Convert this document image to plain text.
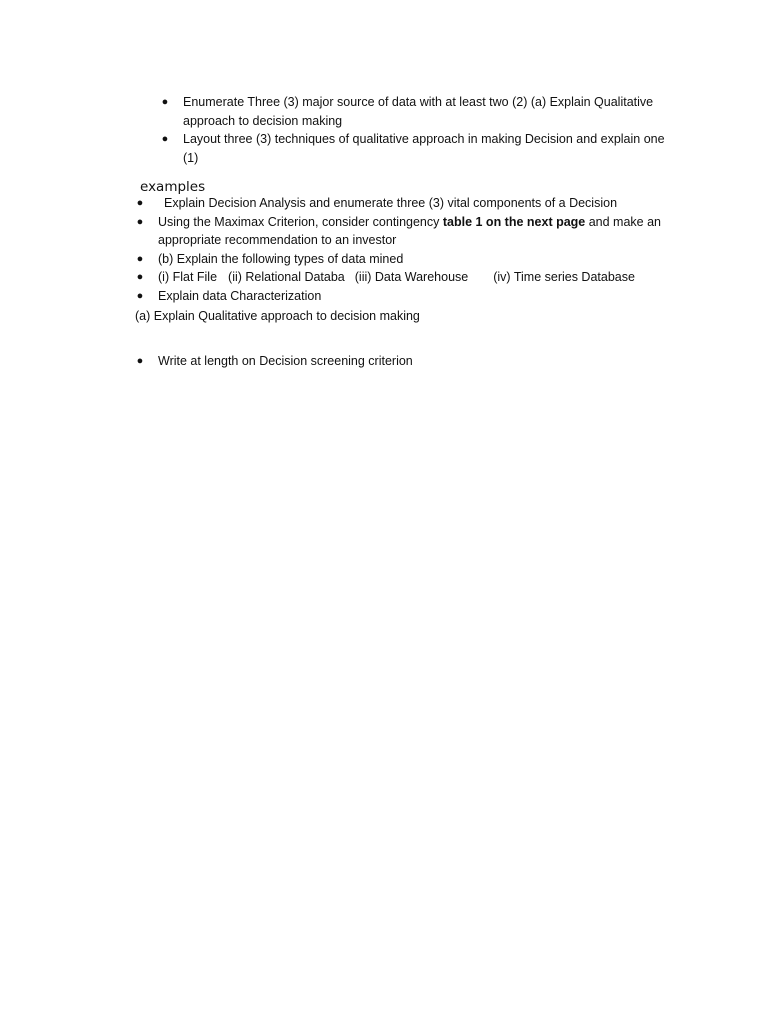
● Enumerate Three (3) major source of data with at least two (2) (a) Explain Qualitative approach to decision making
● Layout three (3) techniques of qualitative approach in making Decision and explain one (1)
examples
●	Explain Decision Analysis and enumerate three (3) vital components of a Decision
● Using the Maximax Criterion, consider contingency table 1 on the next page and make an appropriate recommendation to an investor
● (b) Explain the following types of data mined
● (i) Flat File (ii) Relational Databa (iii) Data Warehouse (iv) Time series Database
● Explain data Characterization
(a) Explain Qualitative approach to decision making
● Write at length on Decision screening criterion
